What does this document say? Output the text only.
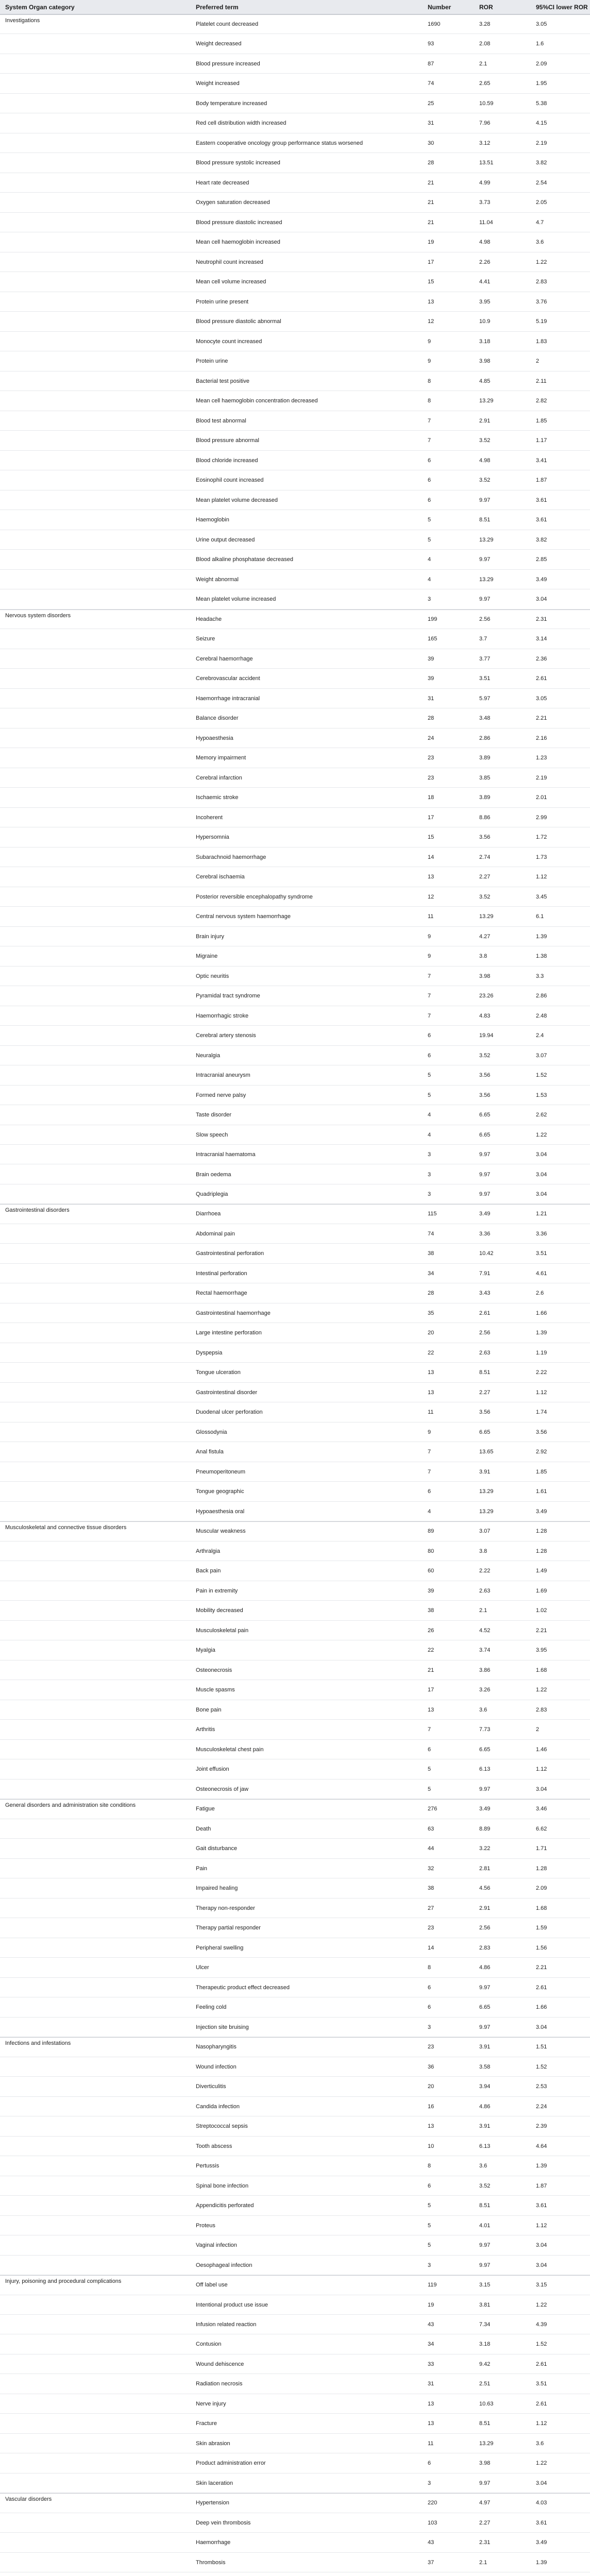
System Organ category	Preferred term	Number	ROR	95%CI lower ROR
Investigations
Platelet count decreased	1690	3.28	3.05
Weight decreased	93	2.08	1.6
Blood pressure increased	87	2.1	2.09
Weight increased	74	2.65	1.95
Body temperature increased	25	10.59	5.38
Red cell distribution width increased	31	7.96	4.15
Eastern cooperative oncology group performance status worsened	30	3.12	2.19
Blood pressure systolic increased	28	13.51	3.82
Heart rate decreased	21	4.99	2.54
Oxygen saturation decreased	21	3.73	2.05
Blood pressure diastolic increased	21	11.04	4.7
Mean cell haemoglobin increased	19	4.98	3.6
Neutrophil count increased	17	2.26	1.22
Mean cell volume increased	15	4.41	2.83
Protein urine present	13	3.95	3.76
Blood pressure diastolic abnormal	12	10.9	5.19
Monocyte count increased	9	3.18	1.83
Protein urine	9	3.98	2
Bacterial test positive	8	4.85	2.11
Mean cell haemoglobin concentration decreased	8	13.29	2.82
Blood test abnormal	7	2.91	1.85
Blood pressure abnormal	7	3.52	1.17
Blood chloride increased	6	4.98	3.41
Eosinophil count increased	6	3.52	1.87
Mean platelet volume decreased	6	9.97	3.61
Haemoglobin	5	8.51	3.61
Urine output decreased	5	13.29	3.82
Blood alkaline phosphatase decreased	4	9.97	2.85
Weight abnormal	4	13.29	3.49
Mean platelet volume increased	3	9.97	3.04
Nervous system disorders
Headache	199	2.56	2.31
Seizure	165	3.7	3.14
Cerebral haemorrhage	39	3.77	2.36
Cerebrovascular accident	39	3.51	2.61
Haemorrhage intracranial	31	5.97	3.05
Balance disorder	28	3.48	2.21
Hypoaesthesia	24	2.86	2.16
Memory impairment	23	3.89	1.23
Cerebral infarction	23	3.85	2.19
Ischaemic stroke	18	3.89	2.01
Incoherent	17	8.86	2.99
Hypersomnia	15	3.56	1.72
Subarachnoid haemorrhage	14	2.74	1.73
Cerebral ischaemia	13	2.27	1.12
Posterior reversible encephalopathy syndrome	12	3.52	3.45
Central nervous system haemorrhage	11	13.29	6.1
Brain injury	9	4.27	1.39
Migraine	9	3.8	1.38
Optic neuritis	7	3.98	3.3
Pyramidal tract syndrome	7	23.26	2.86
Haemorrhagic stroke	7	4.83	2.48
Cerebral artery stenosis	6	19.94	2.4
Neuralgia	6	3.52	3.07
Intracranial aneurysm	5	3.56	1.52
Formed nerve palsy	5	3.56	1.53
Taste disorder	4	6.65	2.62
Slow speech	4	6.65	1.22
Intracranial haematoma	3	9.97	3.04
Brain oedema	3	9.97	3.04
Quadriplegia	3	9.97	3.04
Gastrointestinal disorders
Diarrhoea	115	3.49	1.21
Abdominal pain	74	3.36	3.36
Gastrointestinal perforation	38	10.42	3.51
Intestinal perforation	34	7.91	4.61
Rectal haemorrhage	28	3.43	2.6
Gastrointestinal haemorrhage	35	2.61	1.66
Large intestine perforation	20	2.56	1.39
Dyspepsia	22	2.63	1.19
Tongue ulceration	13	8.51	2.22
Gastrointestinal disorder	13	2.27	1.12
Duodenal ulcer perforation	11	3.56	1.74
Glossodynia	9	6.65	3.56
Anal fistula	7	13.65	2.92
Pneumoperitoneum	7	3.91	1.85
Tongue geographic	6	13.29	1.61
Hypoaesthesia oral	4	13.29	3.49
Musculoskeletal and connective tissue disorders
Muscular weakness	89	3.07	1.28
Arthralgia	80	3.8	1.28
Back pain	60	2.22	1.49
Pain in extremity	39	2.63	1.69
Mobility decreased	38	2.1	1.02
Musculoskeletal pain	26	4.52	2.21
Myalgia	22	3.74	3.95
Osteonecrosis	21	3.86	1.68
Muscle spasms	17	3.26	1.22
Bone pain	13	3.6	2.83
Arthritis	7	7.73	2
Musculoskeletal chest pain	6	6.65	1.46
Joint effusion	5	6.13	1.12
Osteonecrosis of jaw	5	9.97	3.04
General disorders and administration site conditions
Fatigue	276	3.49	3.46
Death	63	8.89	6.62
Gait disturbance	44	3.22	1.71
Pain	32	2.81	1.28
Impaired healing	38	4.56	2.09
Therapy non-responder	27	2.91	1.68
Therapy partial responder	23	2.56	1.59
Peripheral swelling	14	2.83	1.56
Ulcer	8	4.86	2.21
Therapeutic product effect decreased	6	9.97	2.61
Feeling cold	6	6.65	1.66
Injection site bruising	3	9.97	3.04
Infections and infestations
Nasopharyngitis	23	3.91	1.51
Wound infection	36	3.58	1.52
Diverticulitis	20	3.94	2.53
Candida infection	16	4.86	2.24
Streptococcal sepsis	13	3.91	2.39
Tooth abscess	10	6.13	4.64
Pertussis	8	3.6	1.39
Spinal bone infection	6	3.52	1.87
Appendicitis perforated	5	8.51	3.61
Proteus	5	4.01	1.12
Vaginal infection	5	9.97	3.04
Oesophageal infection	3	9.97	3.04
Injury, poisoning and procedural complications
Off label use	119	3.15	3.15
Intentional product use issue	19	3.81	1.22
Infusion related reaction	43	7.34	4.39
Contusion	34	3.18	1.52
Wound dehiscence	33	9.42	2.61
Radiation necrosis	31	2.51	3.51
Nerve injury	13	10.63	2.61
Fracture	13	8.51	1.12
Skin abrasion	11	13.29	3.6
Product administration error	6	3.98	1.22
Skin laceration	3	9.97	3.04
Vascular disorders
Hypertension	220	4.97	4.03
Deep vein thrombosis	103	2.27	3.61
Haemorrhage	43	2.31	3.49
Thrombosis	37	2.1	1.39
